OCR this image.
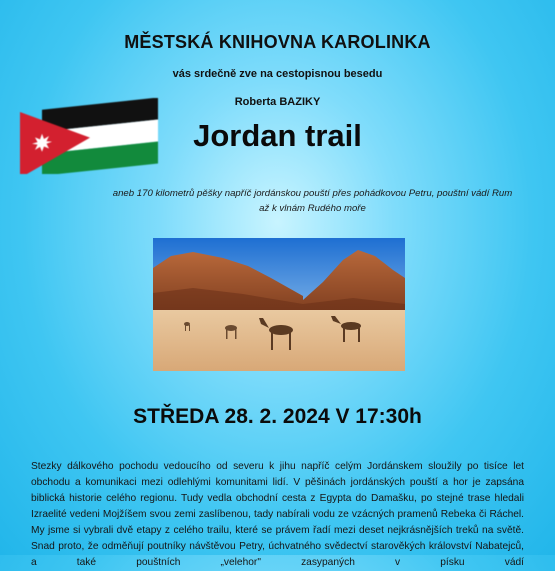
MĚSTSKÁ KNIHOVNA KAROLINKA
vás srdečně zve na cestopisnou besedu
Roberta BAZIKY
Jordan trail
aneb 170 kilometrů pěšky napříč jordánskou pouští přes pohádkovou Petru, pouštní vádí Rum až k vlnám Rudého moře
STŘEDA 28. 2. 2024 V 17:30h
Stezky dálkového pochodu vedoucího od severu k jihu napříč celým Jordánskem sloužily po tisíce let obchodu a komunikaci mezi odlehlými komunitami lidí. V pěšinách jordánských pouští a hor je zapsána biblická historie celého regionu. Tudy vedla obchodní cesta z Egypta do Damašku, po stejné trase hledali Izraelité vedeni Mojžíšem svou zemi zaslíbenou, tady nabírali vodu ze vzácných pramenů Rebeka či Ráchel. My jsme si vybrali dvě etapy z celého trailu, které se právem řadí mezi deset nejkrásnějších treků na světě. Snad proto, že odměňují poutníky návštěvou Petry, úchvatného svědectví starověkých království Nabatejců, a také pouštních „velehor" zasypaných v písku vádí
